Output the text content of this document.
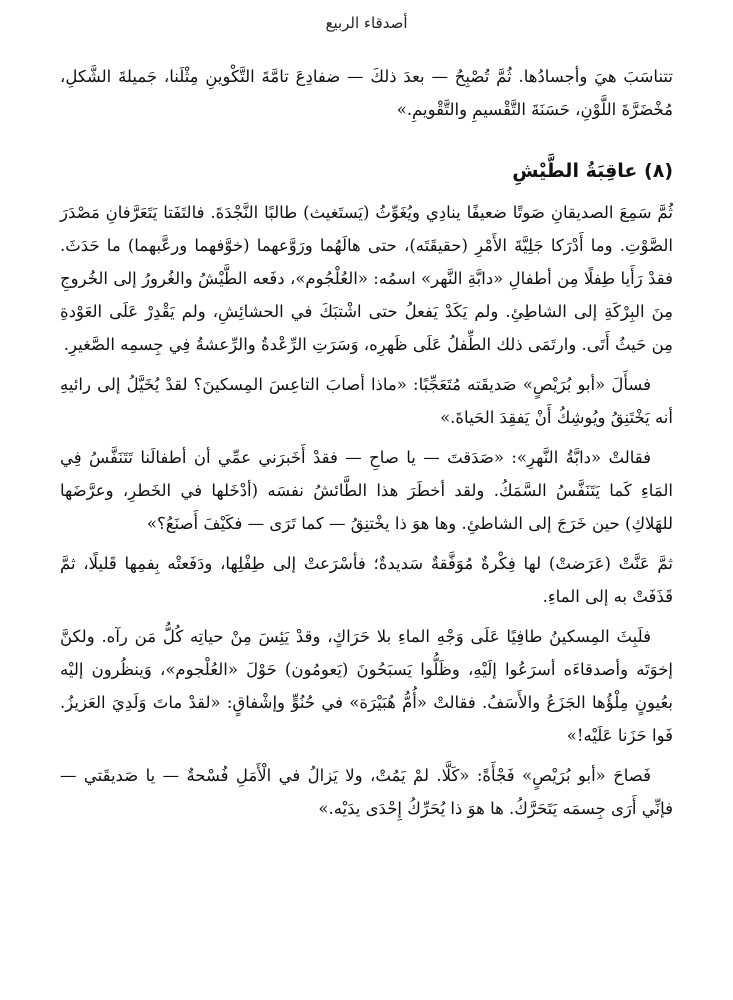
أصدقاء الربيع

تتناسَبَ هيَ وأجسادُها. ثُمَّ تُصْبِحُ — بعدَ ذلكَ — ضفادِعَ تامَّةَ التَّكْوينِ مِثْلَنا، جَميلةَ الشَّكلِ، مُخْضَرَّةَ اللَّوْنِ، حَسَنَةَ التَّقْسيمِ والتَّقْويمِ.»

(٨) عاقِبَةُ الطَّيْشِ

ثُمَّ سَمِعَ الصديقانِ صَوتًا ضعيفًا ينادِي ويُغَوِّثُ (يَستَغيث) طالبًا النَّجْدَةَ. فالتَفَتا يَتَعَرَّفانِ مَصْدَرَ الصَّوْتِ. وما أَدْرَكا جَلِيَّةَ الأَمْرِ (حقيقَتَه)، حتى هالَهُما ورَوَّعهما (خوَّفهما ورعَّبهما) ما حَدَثَ. فقدْ رَأَيا طِفلًا مِن أطفالِ «دابَّةِ النَّهر» اسمُه: «العُلْجُوم»، دفَعه الطَّيْشُ والغُرورُ إلى الخُروجِ مِنَ البِرْكَةِ إلى الشاطِئِ. ولم يَكَدْ يَفعلُ حتى اشْتبَكَ في الحشائِشِ، ولم يَقْدِرْ عَلَى العَوْدةِ مِن حَيثُ أَتَى. وارتَمَى ذلك الطِّفلُ عَلَى ظَهرِه، وَسَرَتِ الرِّعْدةُ والرِّعشةُ فِي جِسمِه الصَّغيرِ.

فسأَلَ «أبو بُرَيْصٍ» صَديقَته مُتَعَجِّبًا: «ماذا أصابَ التاعِسَ المِسكينَ؟ لقدْ يُخَيَّلُ إلى رائيهِ أنه يَخْتَنِقُ ويُوشِكُ أَنْ يَفقِدَ الحَياةَ.»

فقالتْ «دابَّةُ النَّهرِ»: «صَدَقتَ — يا صاحِ — فقدْ أَخَبرَني عمِّي أن أطفالَنا تَتَنَفَّسُ فِي المَاءِ كَما يَتَنَفَّسُ السَّمَكُ. ولقد أخطَرَ هذا الطَّائشُ نفسَه (أدْخَلها في الخَطرِ، وعرَّضَها للهَلاكِ) حين خَرَجَ إلى الشاطئِ. وها هوَ ذا يخْتنِقُ — كما تَرَى — فكَيْفَ أَصنَعُ؟»

ثمَّ عَنَّتْ (عَرَضتْ) لها فِكْرةٌ مُوَفَّقةٌ سَديدةٌ؛ فأسْرَعتْ إلى طِفْلِها، ودَفَعتْه بِفمِها قَليلًا، ثمَّ قَذَفَتْ به إلى الماءِ.

فلَبِثَ المِسكينُ طافِيًا عَلَى وَجْهِ الماءِ بلا حَرَاكٍ، وقدْ يَئِسَ مِنْ حياتِه كُلُّ مَن رآه. ولكنَّ إخوَتَه وأصدقاءَه أسرَعُوا إلَيْهِ، وظَلُّوا يَسبَحُونَ (يَعومُون) حَوْلَ «العُلْجوم»، وَينظُرون إليْه بعُيونٍ مِلْؤُها الجَزَعُ والأَسَفُ. فقالتْ «أُمُّ هُبَيْرَة» في حُنُوٍّ وإشْفاقٍ: «لقدْ ماتَ وَلَدِيَ العَزيزُ. فَوا حَزَنا عَلَيْه!»

فَصاحَ «أبو بُرَيْصٍ» فَجْأَةً: «كَلَّا. لمْ يَمُتْ، ولا يَزالُ في الْأَمَلِ فُسْحةٌ — يا صَديقَتي — فإنِّي أَرَى جِسمَه يَتَحَرَّكُ. ها هوَ ذا يُحَرِّكُ إِحْدَى يدَيْه.»
